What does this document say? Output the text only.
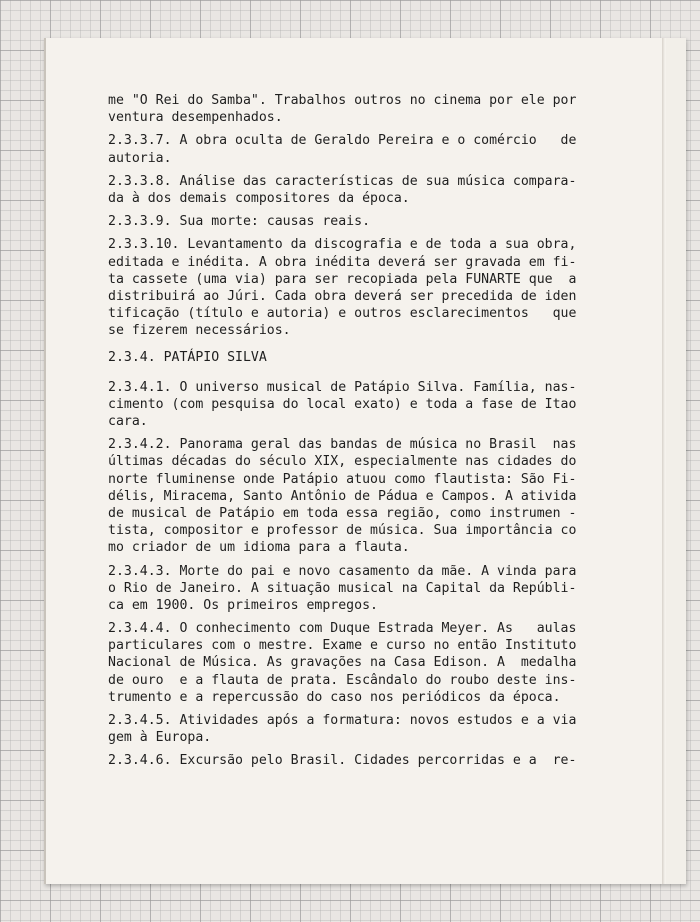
me "O Rei do Samba". Trabalhos outros no cinema por ele por
ventura desempenhados.
2.3.3.7. A obra oculta de Geraldo Pereira e o comércio   de
autoria.
2.3.3.8. Análise das características de sua música compara-
da à dos demais compositores da época.
2.3.3.9. Sua morte: causas reais.
2.3.3.10. Levantamento da discografia e de toda a sua obra,
editada e inédita. A obra inédita deverá ser gravada em fi-
ta cassete (uma via) para ser recopiada pela FUNARTE que  a
distribuirá ao Júri. Cada obra deverá ser precedida de iden
tificação (título e autoria) e outros esclarecimentos   que
se fizerem necessários.
2.3.4. PATÁPIO SILVA
2.3.4.1. O universo musical de Patápio Silva. Família, nas-
cimento (com pesquisa do local exato) e toda a fase de Itao
cara.
2.3.4.2. Panorama geral das bandas de música no Brasil  nas
últimas décadas do século XIX, especialmente nas cidades do
norte fluminense onde Patápio atuou como flautista: São Fi-
délis, Miracema, Santo Antônio de Pádua e Campos. A ativida
de musical de Patápio em toda essa região, como instrumen -
tista, compositor e professor de música. Sua importância co
mo criador de um idioma para a flauta.
2.3.4.3. Morte do pai e novo casamento da mãe. A vinda para
o Rio de Janeiro. A situação musical na Capital da Repúbli-
ca em 1900. Os primeiros empregos.
2.3.4.4. O conhecimento com Duque Estrada Meyer. As   aulas
particulares com o mestre. Exame e curso no então Instituto
Nacional de Música. As gravações na Casa Edison. A  medalha
de ouro  e a flauta de prata. Escândalo do roubo deste ins-
trumento e a repercussão do caso nos periódicos da época.
2.3.4.5. Atividades após a formatura: novos estudos e a via
gem à Europa.
2.3.4.6. Excursão pelo Brasil. Cidades percorridas e a  re-
